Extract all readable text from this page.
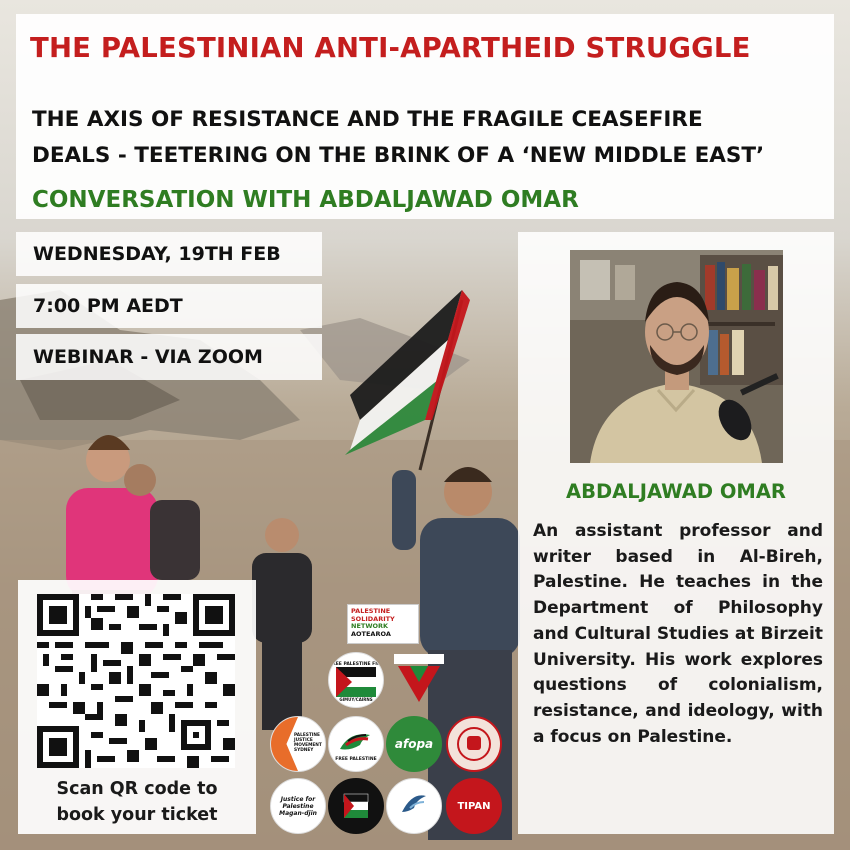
THE PALESTINIAN ANTI-APARTHEID STRUGGLE
THE AXIS OF RESISTANCE AND THE FRAGILE CEASEFIRE
DEALS - TEETERING ON THE BRINK OF A ‘NEW MIDDLE EAST’
CONVERSATION WITH ABDALJAWAD OMAR
WEDNESDAY, 19TH FEB
7:00 PM AEDT
WEBINAR - VIA ZOOM
ABDALJAWAD OMAR
An assistant professor and writer based in Al-Bireh, Palestine. He teaches in the Department of Philosophy and Cultural Studies at Birzeit University. His work explores questions of colonialism, resistance, and ideology, with a focus on Palestine.
Scan QR code to
book your ticket
PALESTINE
SOLIDARITY
NETWORK
AOTEAROA
FREE PALESTINE FNQ
GIMUY/CAIRNS
PALESTINE JUSTICE MOVEMENT SYDNEY
FREE PALESTINE
afopa
Justice for Palestine Magan-djin
TIPAN
